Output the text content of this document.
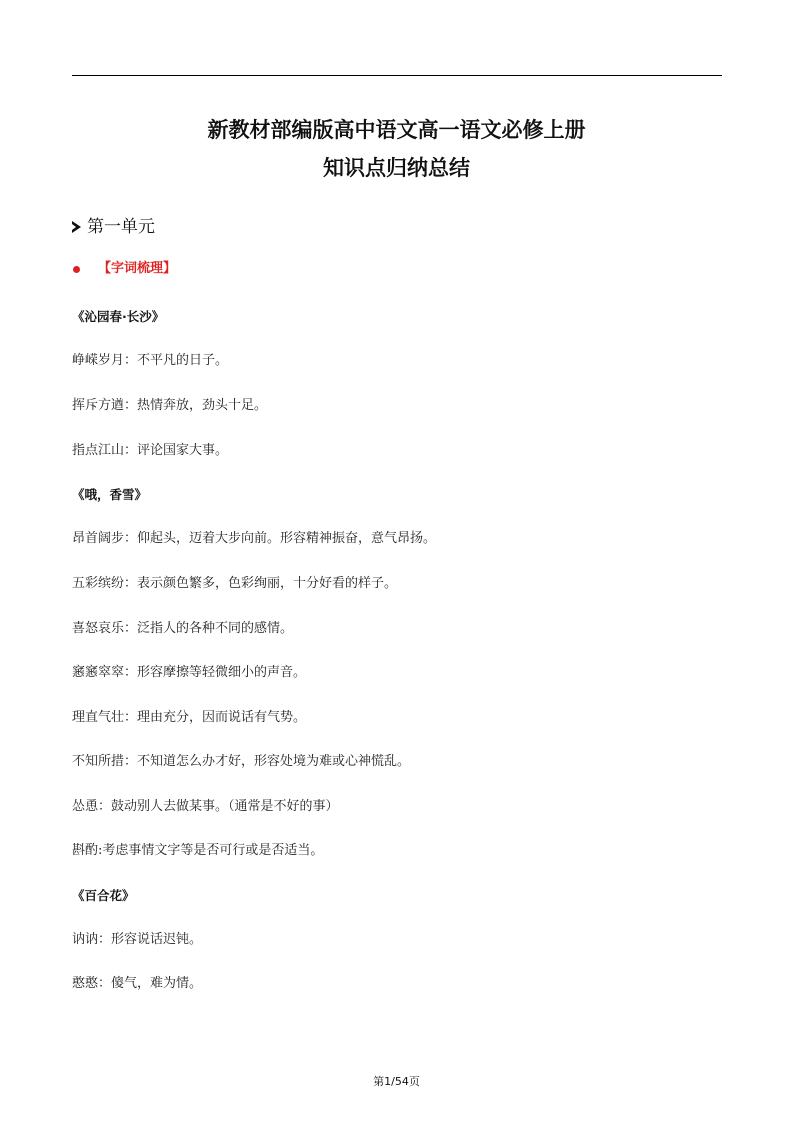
新教材部编版高中语文高一语文必修上册
知识点归纳总结
第一单元
【字词梳理】
《沁园春·长沙》
峥嵘岁月：不平凡的日子。
挥斥方遒：热情奔放，劲头十足。
指点江山：评论国家大事。
《哦，香雪》
昂首阔步：仰起头，迈着大步向前。形容精神振奋，意气昂扬。
五彩缤纷：表示颜色繁多，色彩绚丽，十分好看的样子。
喜怒哀乐：泛指人的各种不同的感情。
窸窸窣窣：形容摩擦等轻微细小的声音。
理直气壮：理由充分，因而说话有气势。
不知所措：不知道怎么办才好，形容处境为难或心神慌乱。
怂恿：鼓动别人去做某事。（通常是不好的事）
斟酌:考虑事情文字等是否可行或是否适当。
《百合花》
讷讷：形容说话迟钝。
憨憨：傻气，难为情。
第1/54页
